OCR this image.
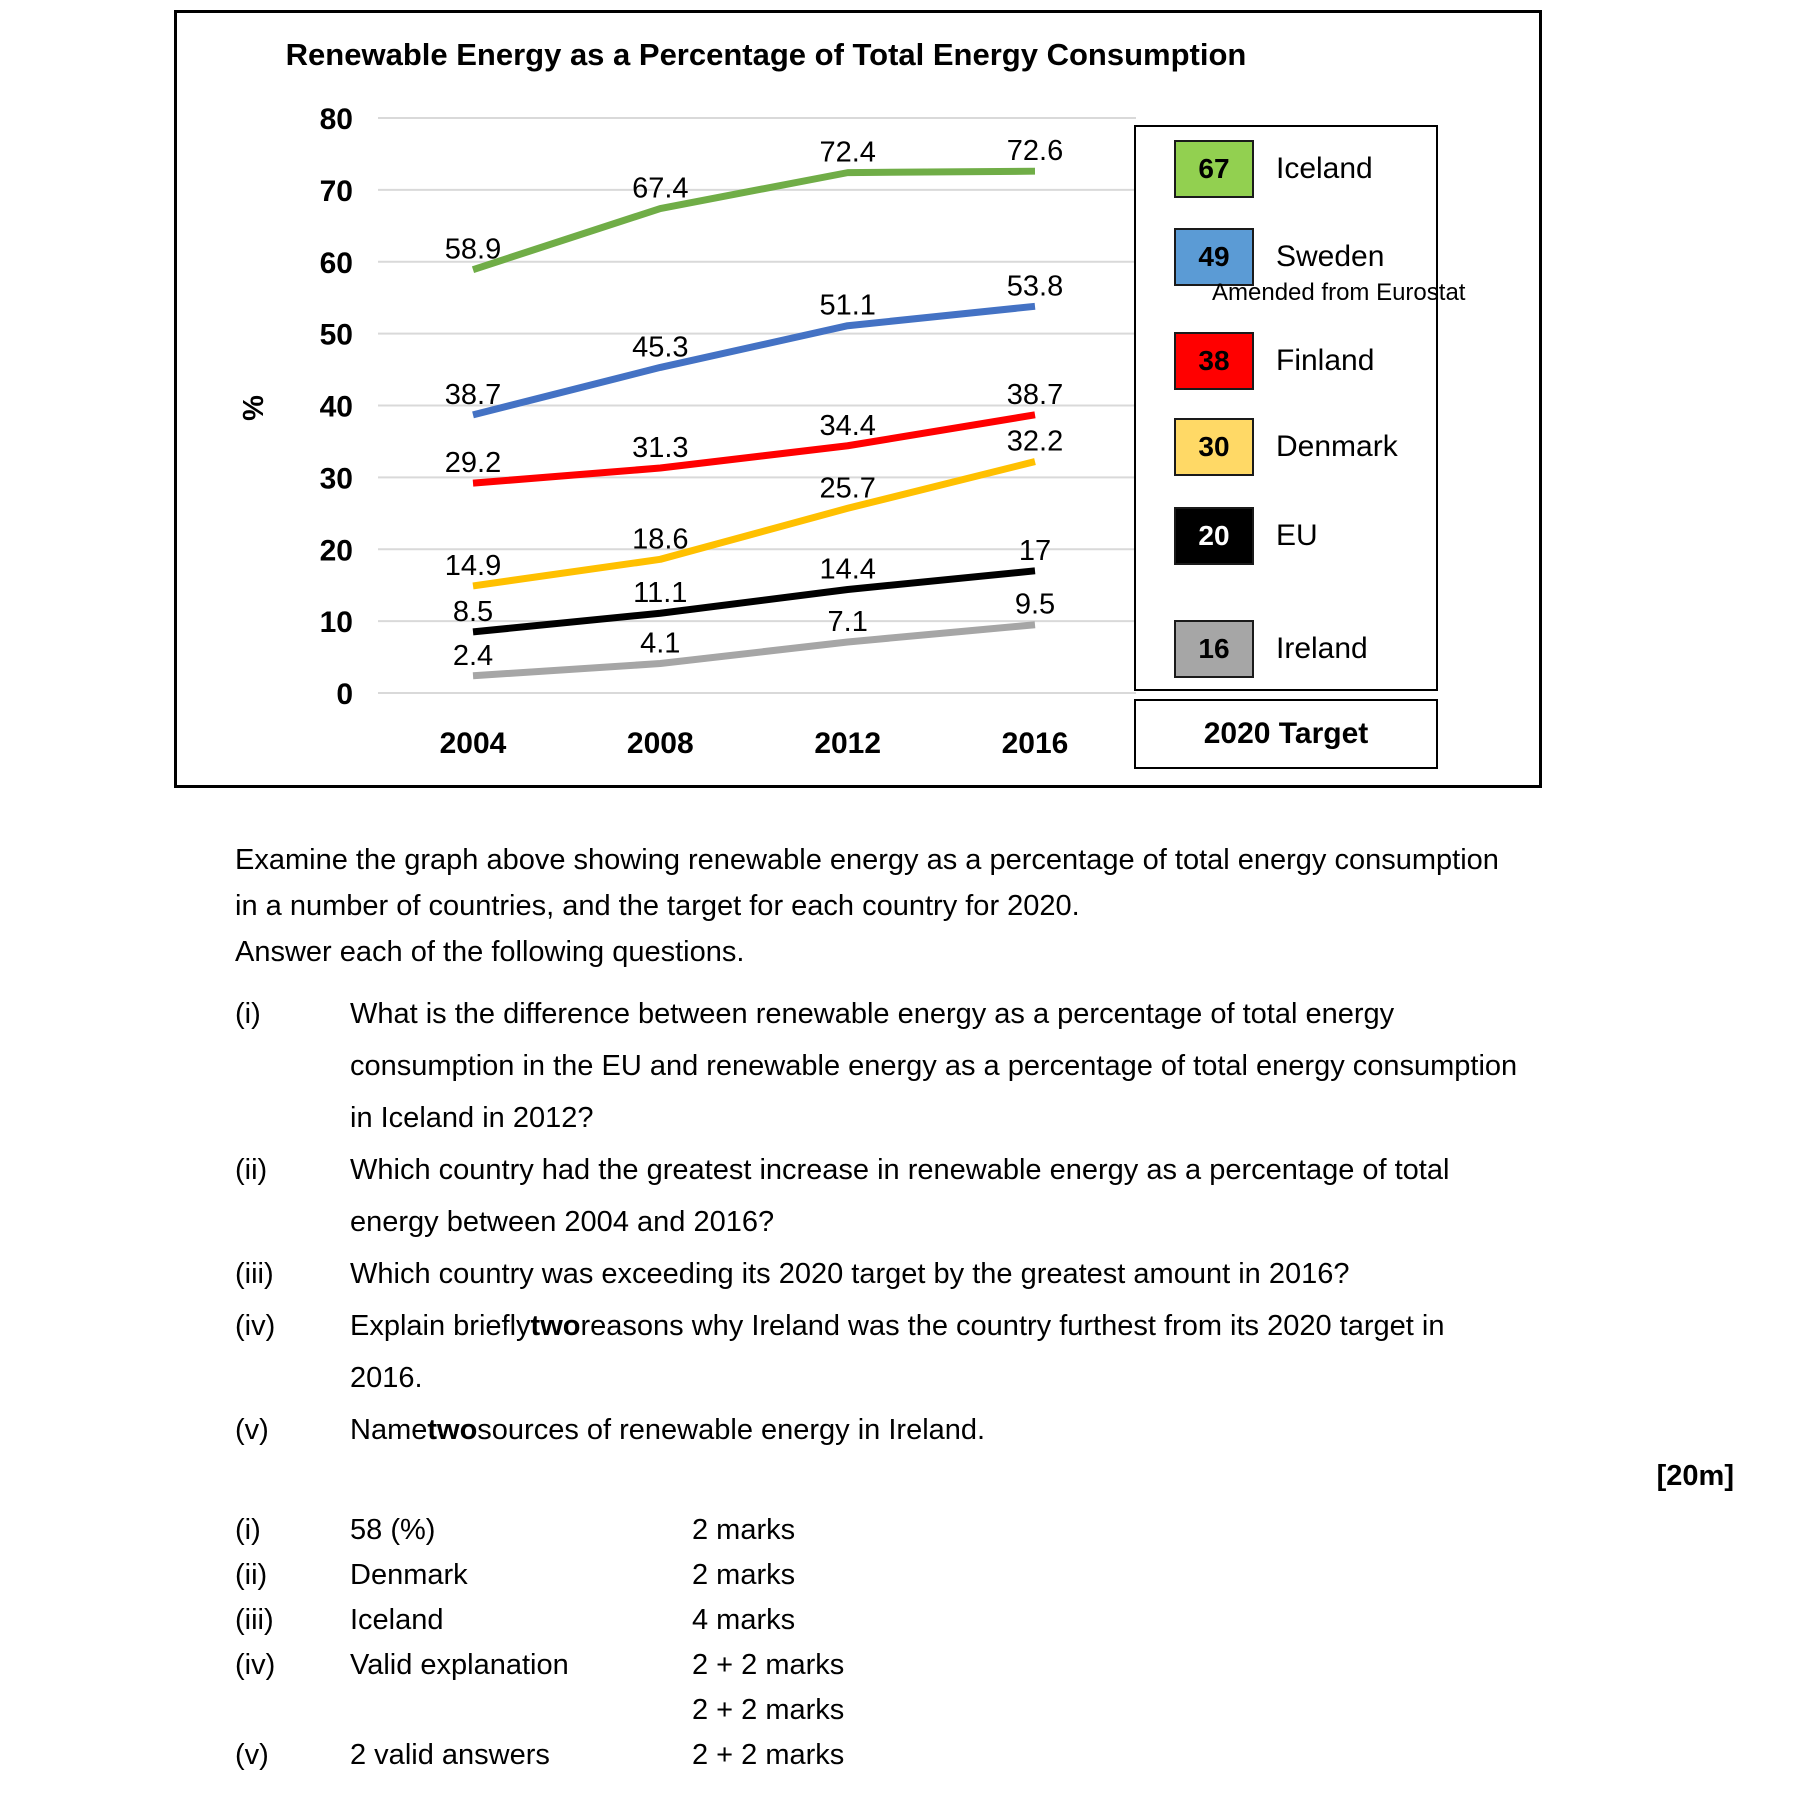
Renewable Energy as a Percentage of Total Energy Consumption
%
0
10
20
30
40
50
60
70
80
2004	2008	2012	2016
58.9
67.4
72.4	72.6
38.7
45.3
51.1
53.8
29.2	31.3
34.4
38.7
14.9
18.6
25.7
32.2
8.5
11.1
14.4
17
2.4	4.1
7.1
9.5
67 Iceland
49 Sweden
38 Finland
30 Denmark
20 EU
16 Ireland
Amended from Eurostat
2020 Target
Examine the graph above showing renewable energy as a percentage of total energy consumption
in a number of countries, and the target for each country for 2020.
Answer each of the following questions.
(i)	What is the difference between renewable energy as a percentage of total energy
consumption in the EU and renewable energy as a percentage of total energy consumption
in Iceland in 2012?
(ii)	Which country had the greatest increase in renewable energy as a percentage of total
energy between 2004 and 2016?
(iii)	Which country was exceeding its 2020 target by the greatest amount in 2016?
(iv)	Explain briefly two reasons why Ireland was the country furthest from its 2020 target in
2016.
(v)	Name two sources of renewable energy in Ireland.
[20m]
(i)	58 (%)	2 marks
(ii)	Denmark	2 marks
(iii)	Iceland	4 marks
(iv)	Valid explanation	2 + 2 marks
2 + 2 marks
(v)	2 valid answers	2 + 2 marks
